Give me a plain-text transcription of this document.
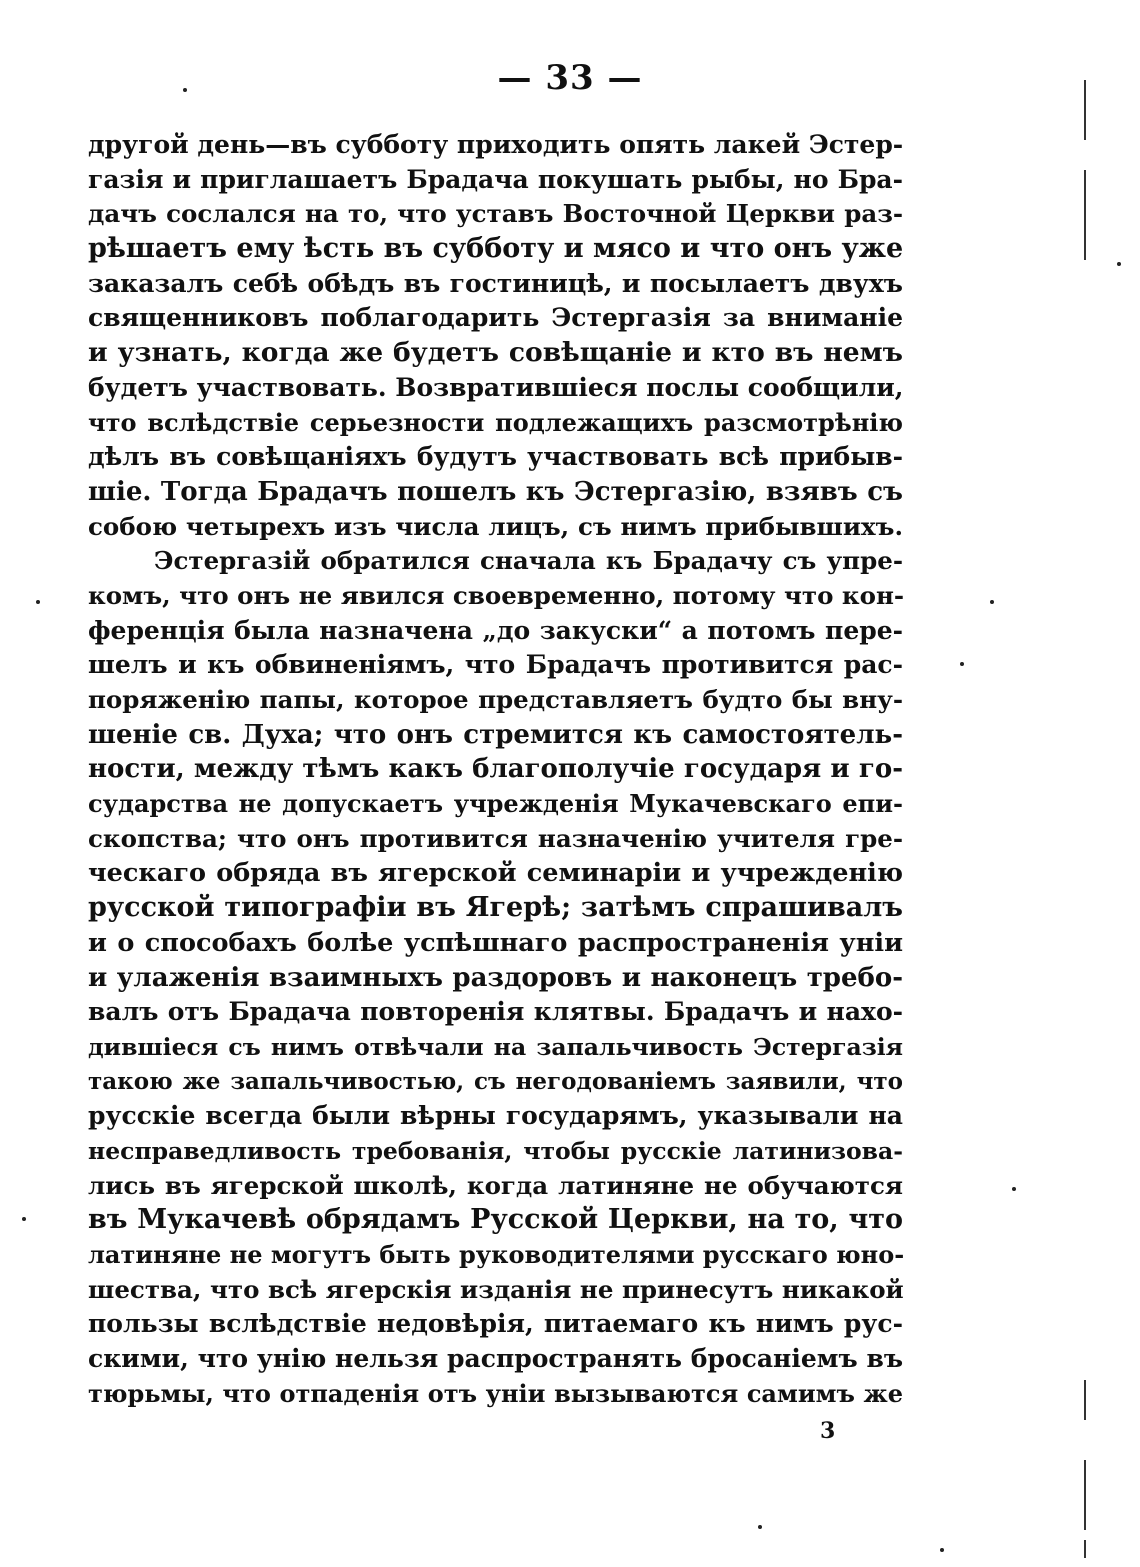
— 33 —
другой день—въ субботу приходить опять лакей Эстер-
газія и приглашаетъ Брадача покушать рыбы, но Бра-
дачъ сослался на то, что уставъ Восточной Церкви раз-
рѣшаетъ ему ѣсть въ субботу и мясо и что онъ уже
заказалъ себѣ обѣдъ въ гостиницѣ, и посылаетъ двухъ
священниковъ поблагодарить Эстергазія за вниманіе
и узнать, когда же будетъ совѣщаніе и кто въ немъ
будетъ участвовать. Возвратившіеся послы сообщили,
что вслѣдствіе серьезности подлежащихъ разсмотрѣнію
дѣлъ въ совѣщаніяхъ будутъ участвовать всѣ прибыв-
шіе. Тогда Брадачъ пошелъ къ Эстергазію, взявъ съ
собою четырехъ изъ числа лицъ, съ нимъ прибывшихъ.
Эстергазій обратился сначала къ Брадачу съ упре-
комъ, что онъ не явился своевременно, потому что кон-
ференція была назначена „до закуски“ а потомъ пере-
шелъ и къ обвиненіямъ, что Брадачъ противится рас-
поряженію папы, которое представляетъ будто бы вну-
шеніе св. Духа; что онъ стремится къ самостоятель-
ности, между тѣмъ какъ благополучіе государя и го-
сударства не допускаетъ учрежденія Мукачевскаго епи-
скопства; что онъ противится назначенію учителя гре-
ческаго обряда въ ягерской семинаріи и учрежденію
русской типографіи въ Ягерѣ; затѣмъ спрашивалъ
и о способахъ болѣе успѣшнаго распространенія уніи
и улаженія взаимныхъ раздоровъ и наконецъ требо-
валъ отъ Брадача повторенія клятвы. Брадачъ и нахо-
дившіеся съ нимъ отвѣчали на запальчивость Эстергазія
такою же запальчивостью, съ негодованіемъ заявили, что
русскіе всегда были вѣрны государямъ, указывали на
несправедливость требованія, чтобы русскіе латинизова-
лись въ ягерской школѣ, когда латиняне не обучаются
въ Мукачевѣ обрядамъ Русской Церкви, на то, что
латиняне не могутъ быть руководителями русскаго юно-
шества, что всѣ ягерскія изданія не принесутъ никакой
пользы вслѣдствіе недовѣрія, питаемаго къ нимъ рус-
скими, что унію нельзя распространять бросаніемъ въ
тюрьмы, что отпаденія отъ уніи вызываются самимъ же
3
